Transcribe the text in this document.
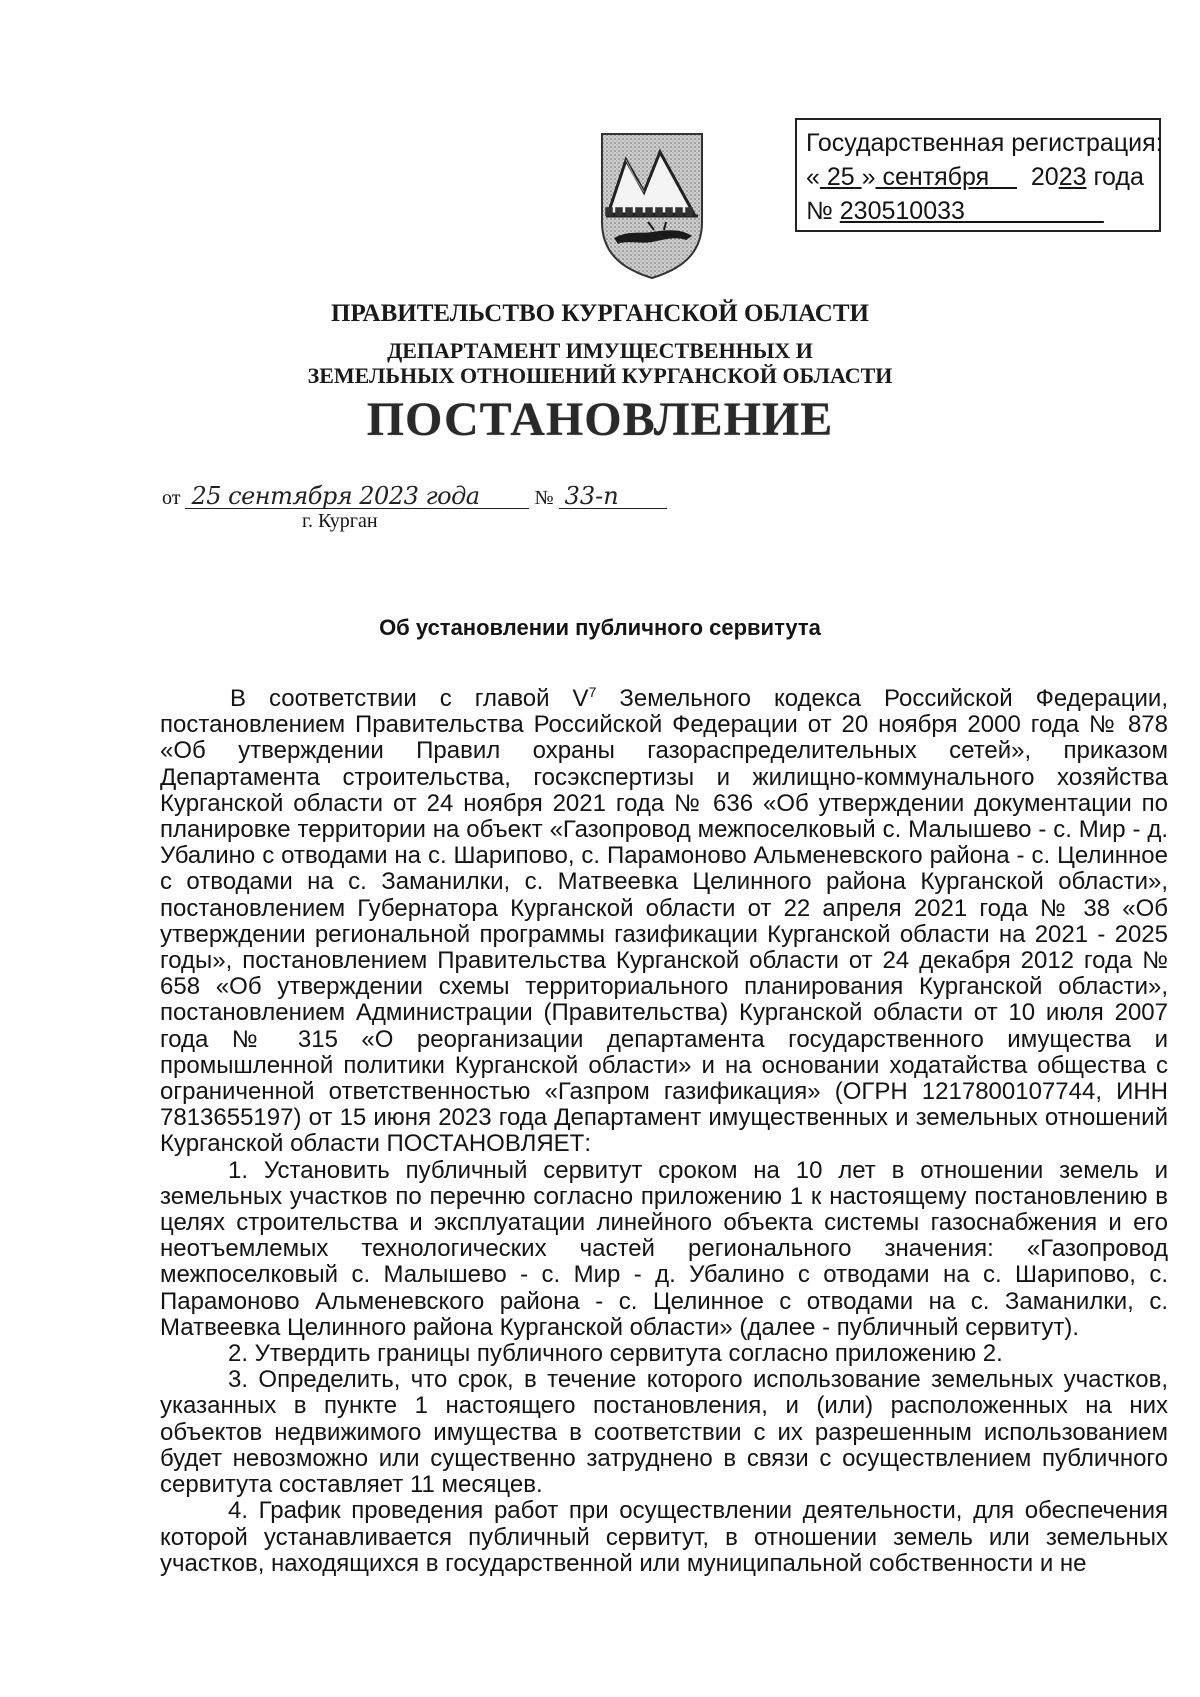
Государственная регистрация:
« 25 » сентября 2023 года
№ 230510033
ПРАВИТЕЛЬСТВО КУРГАНСКОЙ ОБЛАСТИ
ДЕПАРТАМЕНТ ИМУЩЕСТВЕННЫХ И
ЗЕМЕЛЬНЫХ ОТНОШЕНИЙ КУРГАНСКОЙ ОБЛАСТИ
ПОСТАНОВЛЕНИЕ
от 25 сентября 2023 года	№ 33-п
г. Курган
Об установлении публичного сервитута

В соответствии с главой $V^7$ Земельного кодекса Российской Федерации, постановлением Правительства Российской Федерации от 20 ноября 2000 года № 878 «Об утверждении Правил охраны газораспределительных сетей», приказом Департамента строительства, госэкспертизы и жилищно-коммунального хозяйства Курганской области от 24 ноября 2021 года № 636 «Об утверждении документации по планировке территории на объект «Газопровод межпоселковый с. Малышево - с. Мир - д. Убалино с отводами на с. Шарипово, с. Парамоново Альменевского района - с. Целинное с отводами на с. Заманилки, с. Матвеевка Целинного района Курганской области», постановлением Губернатора Курганской области от 22 апреля 2021 года № 38 «Об утверждении региональной программы газификации Курганской области на 2021 - 2025 годы», постановлением Правительства Курганской области от 24 декабря 2012 года № 658 «Об утверждении схемы территориального планирования Курганской области», постановлением Администрации (Правительства) Курганской области от 10 июля 2007 года № 315 «О реорганизации департамента государственного имущества и промышленной политики Курганской области» и на основании ходатайства общества с ограниченной ответственностью «Газпром газификация» (ОГРН 1217800107744, ИНН 7813655197) от 15 июня 2023 года Департамент имущественных и земельных отношений Курганской области ПОСТАНОВЛЯЕТ:

1. Установить публичный сервитут сроком на 10 лет в отношении земель и земельных участков по перечню согласно приложению 1 к настоящему постановлению в целях строительства и эксплуатации линейного объекта системы газоснабжения и его неотъемлемых технологических частей регионального значения: «Газопровод межпоселковый с. Малышево - с. Мир - д. Убалино с отводами на с. Шарипово, с. Парамоново Альменевского района - с. Целинное с отводами на с. Заманилки, с. Матвеевка Целинного района Курганской области» (далее - публичный сервитут).

2. Утвердить границы публичного сервитута согласно приложению 2.

3. Определить, что срок, в течение которого использование земельных участков, указанных в пункте 1 настоящего постановления, и (или) расположенных на них объектов недвижимого имущества в соответствии с их разрешенным использованием будет невозможно или существенно затруднено в связи с осуществлением публичного сервитута составляет 11 месяцев.

4. График проведения работ при осуществлении деятельности, для обеспечения которой устанавливается публичный сервитут, в отношении земель или земельных участков, находящихся в государственной или муниципальной собственности и не
